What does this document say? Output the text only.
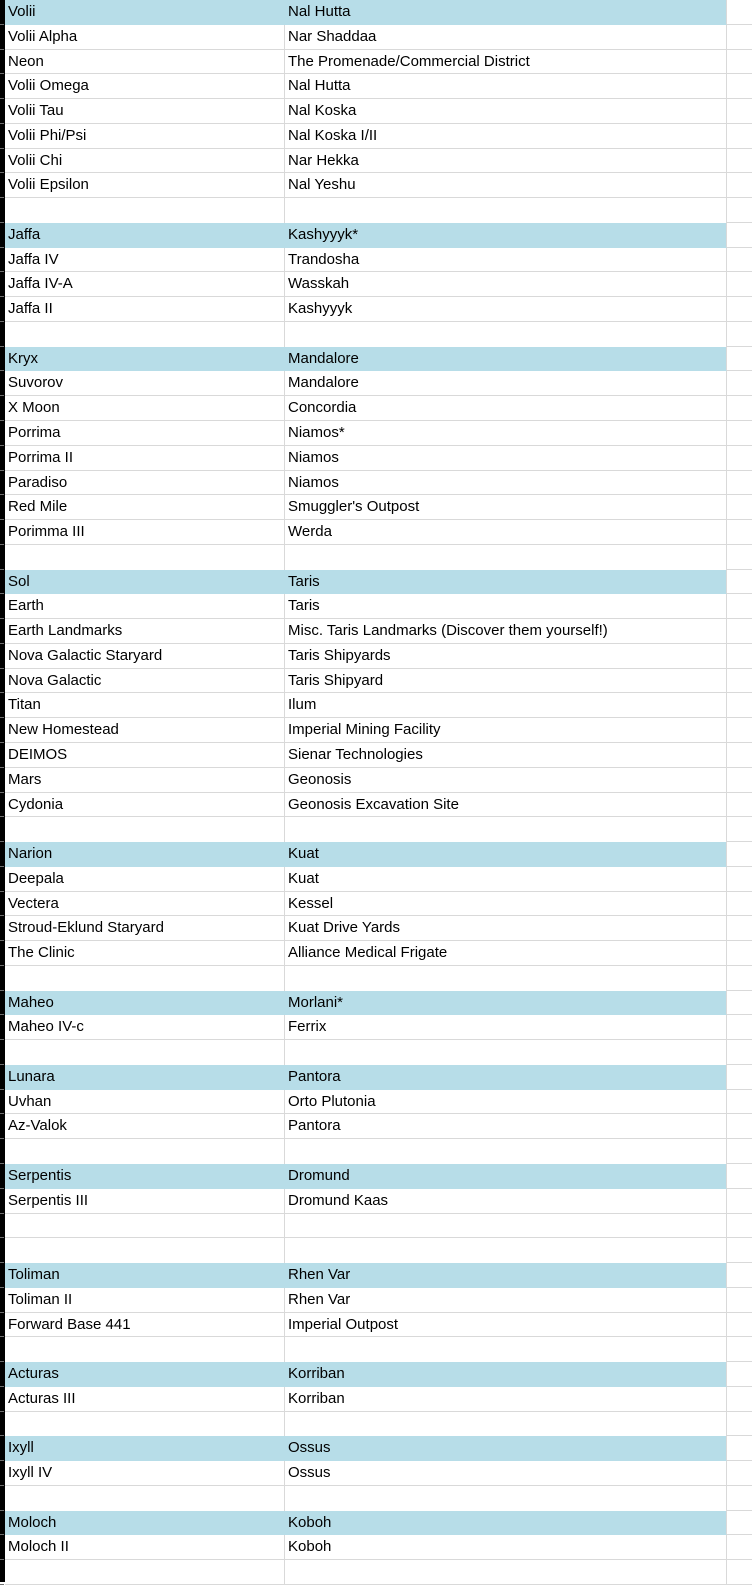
Volii	Nal Hutta
Volii Alpha	Nar Shaddaa
Neon	The Promenade/Commercial District
Volii Omega	Nal Hutta
Volii Tau	Nal Koska
Volii Phi/Psi	Nal Koska I/II
Volii Chi	Nar Hekka
Volii Epsilon	Nal Yeshu
Jaffa	Kashyyyk*
Jaffa IV	Trandosha
Jaffa IV-A	Wasskah
Jaffa II	Kashyyyk
Kryx	Mandalore
Suvorov	Mandalore
X Moon	Concordia
Porrima	Niamos*
Porrima II	Niamos
Paradiso	Niamos
Red Mile	Smuggler's Outpost
Porimma III	Werda
Sol	Taris
Earth	Taris
Earth Landmarks	Misc. Taris Landmarks (Discover them yourself!)
Nova Galactic Staryard	Taris Shipyards
Nova Galactic	Taris Shipyard
Titan	Ilum
New Homestead	Imperial Mining Facility
DEIMOS	Sienar Technologies
Mars	Geonosis
Cydonia	Geonosis Excavation Site
Narion	Kuat
Deepala	Kuat
Vectera	Kessel
Stroud-Eklund Staryard	Kuat Drive Yards
The Clinic	Alliance Medical Frigate
Maheo	Morlani*
Maheo IV-c	Ferrix
Lunara	Pantora
Uvhan	Orto Plutonia
Az-Valok	Pantora
Serpentis	Dromund
Serpentis III	Dromund Kaas
Toliman	Rhen Var
Toliman II	Rhen Var
Forward Base 441	Imperial Outpost
Acturas	Korriban
Acturas III	Korriban
Ixyll	Ossus
Ixyll IV	Ossus
Moloch	Koboh
Moloch II	Koboh
